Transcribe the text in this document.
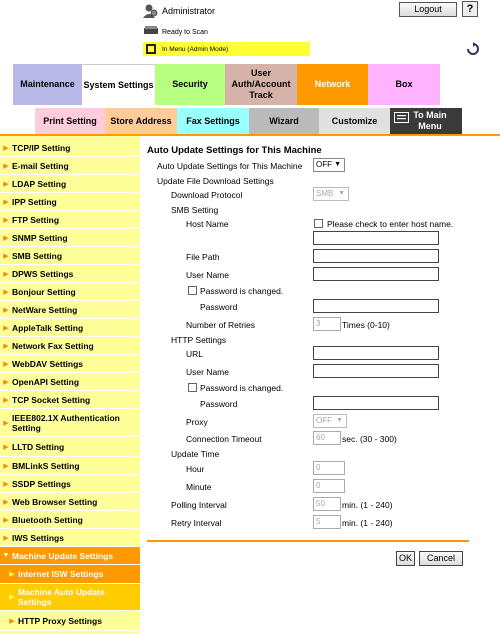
Administrator	Logout	?
Ready to Scan
In Menu (Admin Mode)
Maintenance System Settings	Security
User Auth/Account Track
Network	Box
Print Setting	Store Address	Fax Settings	Wizard	Customize
To Main Menu
▶ TCP/IP Setting
▶ E-mail Setting
▶ LDAP Setting
▶ IPP Setting
▶ FTP Setting
▶ SNMP Setting
▶ SMB Setting
▶ DPWS Settings
▶ Bonjour Setting
▶ NetWare Setting
▶ AppleTalk Setting
▶ Network Fax Setting
▶ WebDAV Settings
▶ OpenAPI Setting
▶ TCP Socket Setting
▶
IEEE802.1X Authentication Setting
▶ LLTD Setting
▶ BMLinkS Setting
▶ SSDP Settings
▶ Web Browser Setting
▶ Bluetooth Setting
▶ IWS Settings
▼ Machine Update Settings
▶ Internet ISW Settings
▶
Machine Auto Update Settings
▶ HTTP Proxy Settings
Auto Update Settings for This Machine
Auto Update Settings for This Machine	OFF ▼
Update File Download Settings
Download Protocol	SMB ▼
SMB Setting
Host Name	Please check to enter host name.
File Path
User Name
Password is changed.
Password
Number of Retries	3	Times (0-10)
HTTP Settings
URL
User Name
Password is changed.
Password
Proxy	OFF ▼
Connection Timeout	60	sec. (30 - 300)
Update Time
Hour	0
Minute	0
Polling Interval	50	min. (1 - 240)
Retry Interval	5	min. (1 - 240)
OK	Cancel
